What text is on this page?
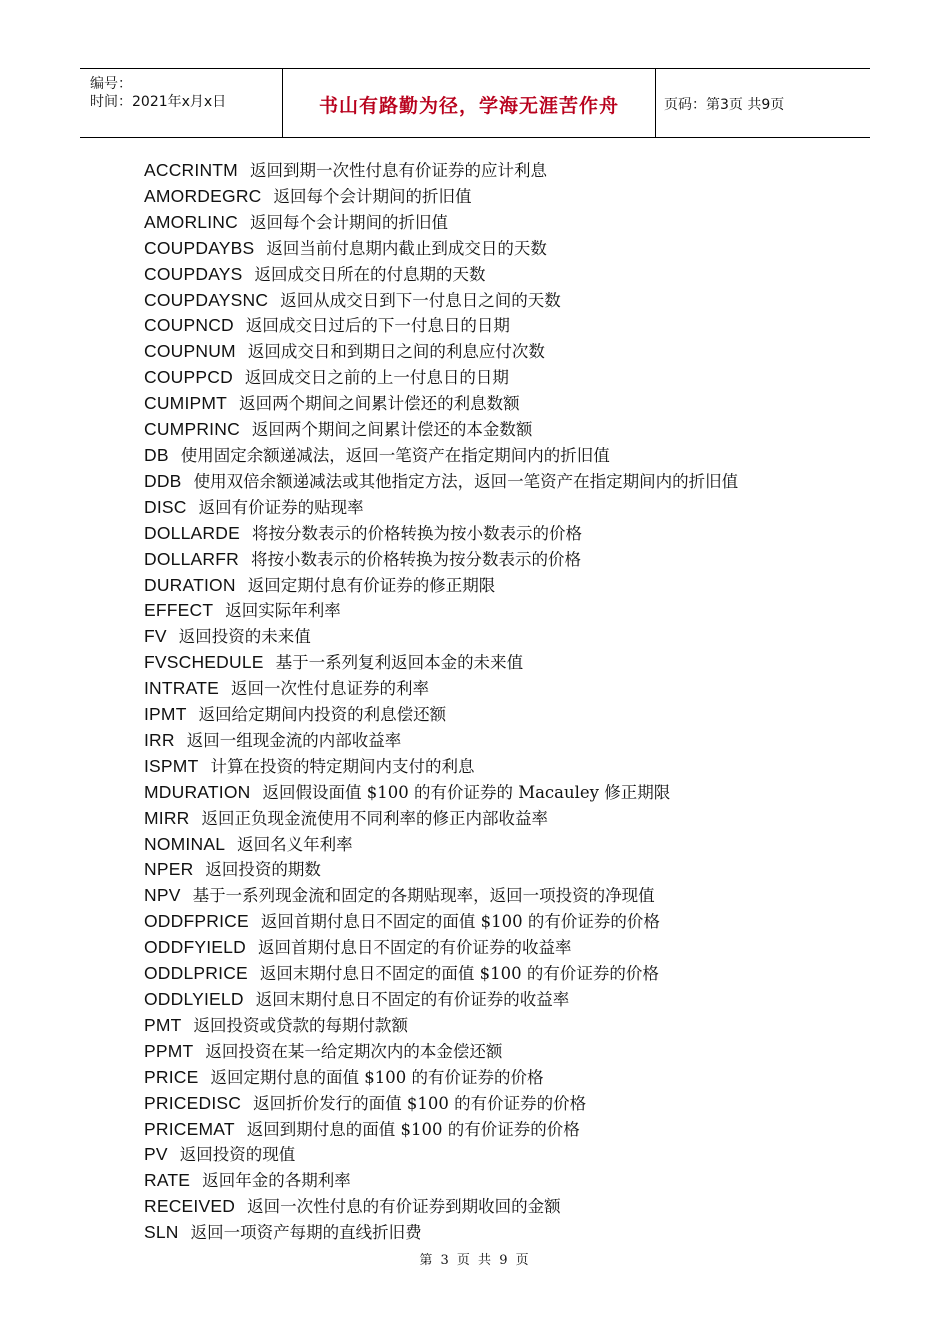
编号：
时间：2021年x月x日	书山有路勤为径，学海无涯苦作舟	页码：第3页 共9页

ACCRINTM 返回到期一次性付息有价证券的应计利息

AMORDEGRC 返回每个会计期间的折旧值

AMORLINC 返回每个会计期间的折旧值

COUPDAYBS 返回当前付息期内截止到成交日的天数

COUPDAYS 返回成交日所在的付息期的天数

COUPDAYSNC 返回从成交日到下一付息日之间的天数

COUPNCD 返回成交日过后的下一付息日的日期

COUPNUM 返回成交日和到期日之间的利息应付次数

COUPPCD 返回成交日之前的上一付息日的日期

CUMIPMT 返回两个期间之间累计偿还的利息数额

CUMPRINC 返回两个期间之间累计偿还的本金数额

DB 使用固定余额递减法，返回一笔资产在指定期间内的折旧值

DDB 使用双倍余额递减法或其他指定方法，返回一笔资产在指定期间内的折旧值

DISC 返回有价证券的贴现率

DOLLARDE 将按分数表示的价格转换为按小数表示的价格

DOLLARFR 将按小数表示的价格转换为按分数表示的价格

DURATION 返回定期付息有价证券的修正期限

EFFECT 返回实际年利率

FV 返回投资的未来值

FVSCHEDULE 基于一系列复利返回本金的未来值

INTRATE 返回一次性付息证券的利率

IPMT 返回给定期间内投资的利息偿还额

IRR 返回一组现金流的内部收益率

ISPMT 计算在投资的特定期间内支付的利息

MDURATION 返回假设面值 $100 的有价证券的 Macauley 修正期限

MIRR 返回正负现金流使用不同利率的修正内部收益率

NOMINAL 返回名义年利率

NPER 返回投资的期数

NPV 基于一系列现金流和固定的各期贴现率，返回一项投资的净现值

ODDFPRICE 返回首期付息日不固定的面值 $100 的有价证券的价格

ODDFYIELD 返回首期付息日不固定的有价证券的收益率

ODDLPRICE 返回末期付息日不固定的面值 $100 的有价证券的价格

ODDLYIELD 返回末期付息日不固定的有价证券的收益率

PMT 返回投资或贷款的每期付款额

PPMT 返回投资在某一给定期次内的本金偿还额

PRICE 返回定期付息的面值 $100 的有价证券的价格

PRICEDISC 返回折价发行的面值 $100 的有价证券的价格

PRICEMAT 返回到期付息的面值 $100 的有价证券的价格

PV 返回投资的现值

RATE 返回年金的各期利率

RECEIVED 返回一次性付息的有价证券到期收回的金额

SLN 返回一项资产每期的直线折旧费

第 3 页 共 9 页
